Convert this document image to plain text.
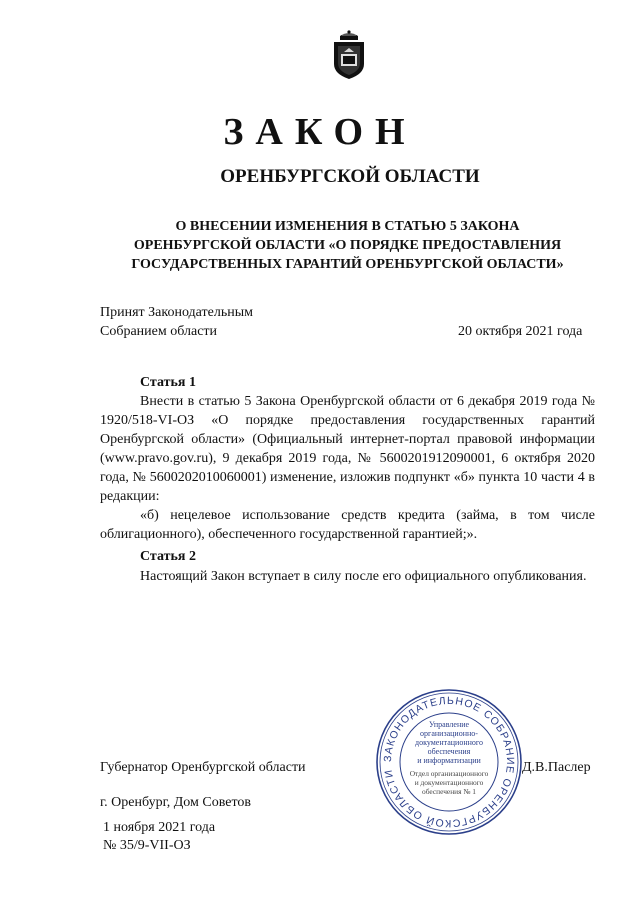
ЗАКОН
ОРЕНБУРГСКОЙ ОБЛАСТИ
О ВНЕСЕНИИ ИЗМЕНЕНИЯ В СТАТЬЮ 5 ЗАКОНА
ОРЕНБУРГСКОЙ ОБЛАСТИ «О ПОРЯДКЕ ПРЕДОСТАВЛЕНИЯ
ГОСУДАРСТВЕННЫХ ГАРАНТИЙ ОРЕНБУРГСКОЙ ОБЛАСТИ»
Принят Законодательным
Собранием области	20 октября 2021 года
Статья 1

Внести в статью 5 Закона Оренбургской области от 6 декабря 2019 года № 1920/518-VI-ОЗ «О порядке предоставления государственных гарантий Оренбургской области» (Официальный интернет-портал правовой информации (www.pravo.gov.ru), 9 декабря 2019 года, № 5600201912090001, 6 октября 2020 года, № 5600202010060001) изменение, изложив подпункт «б» пункта 10 части 4 в редакции:

«б) нецелевое использование средств кредита (займа, в том числе облигационного), обеспеченного государственной гарантией;».

Статья 2

Настоящий Закон вступает в силу после его официального опубликования.

ЗАКОНОДАТЕЛЬНОЕ СОБРАНИЕ ОРЕНБУРГСКОЙ ОБЛАСТИ
Управление
организационно-
документационного
обеспечения
и информатизации
Отдел организационного
и документационного
обеспечения № 1
Губернатор Оренбургской области	Д.В.Паслер
г. Оренбург, Дом Советов
1 ноября 2021 года
№ 35/9-VII-ОЗ
